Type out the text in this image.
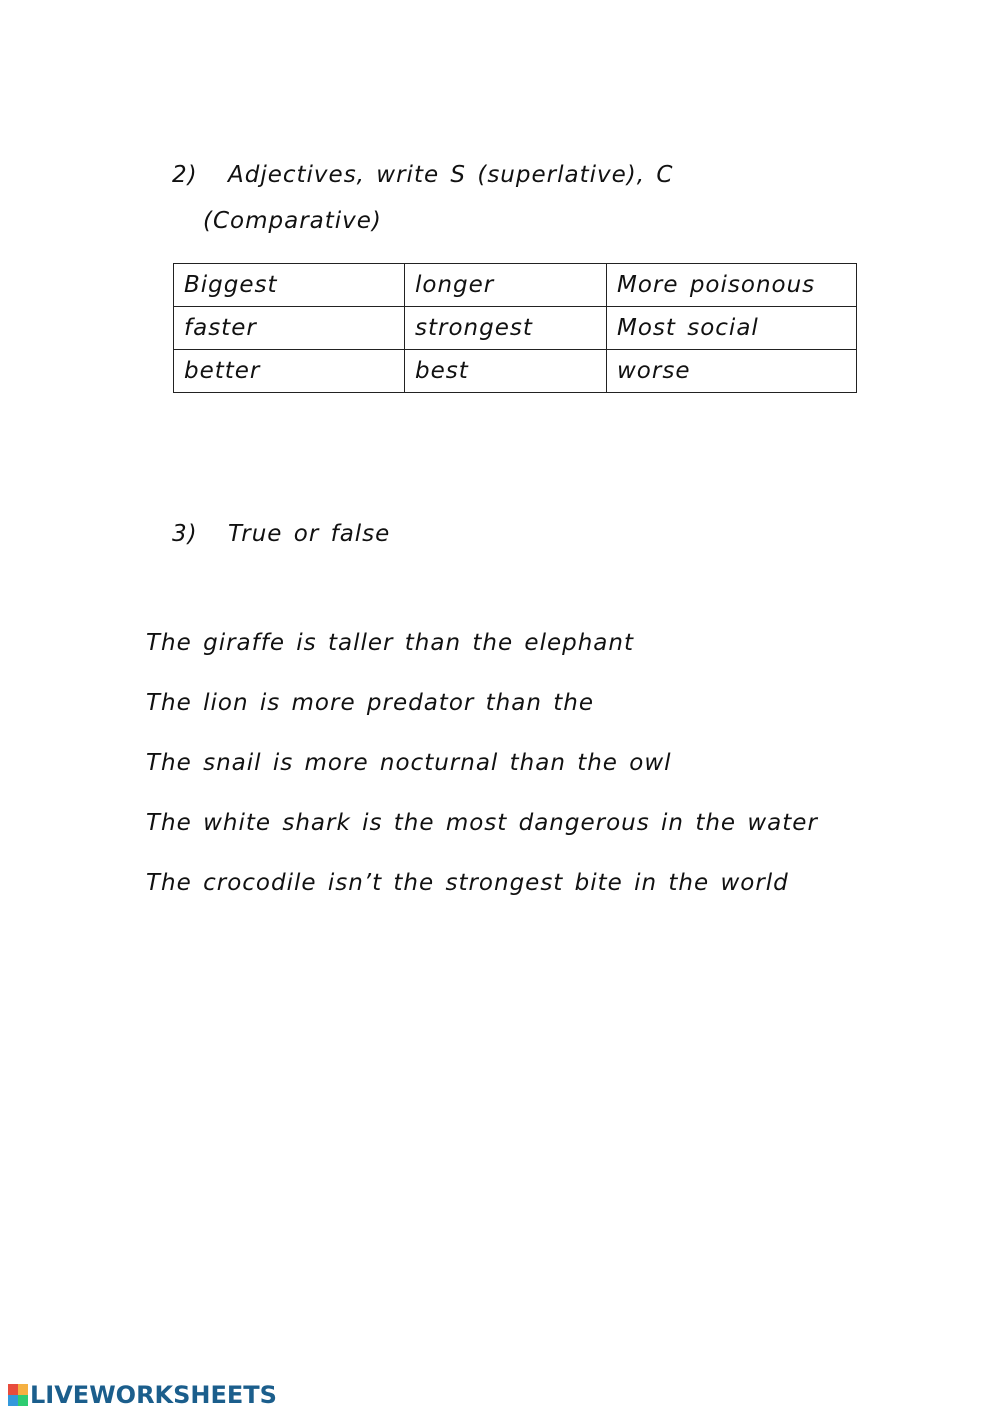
2) Adjectives, write S (superlative), C
(Comparative)
Biggest	longer	More poisonous
faster	strongest	Most social
better	best	worse
3) True or false
The giraffe is taller than the elephant
The lion is more predator than the
The snail is more nocturnal than the owl
The white shark is the most dangerous in the water
The crocodile isn’t the strongest bite in the world
LIVEWORKSHEETS
